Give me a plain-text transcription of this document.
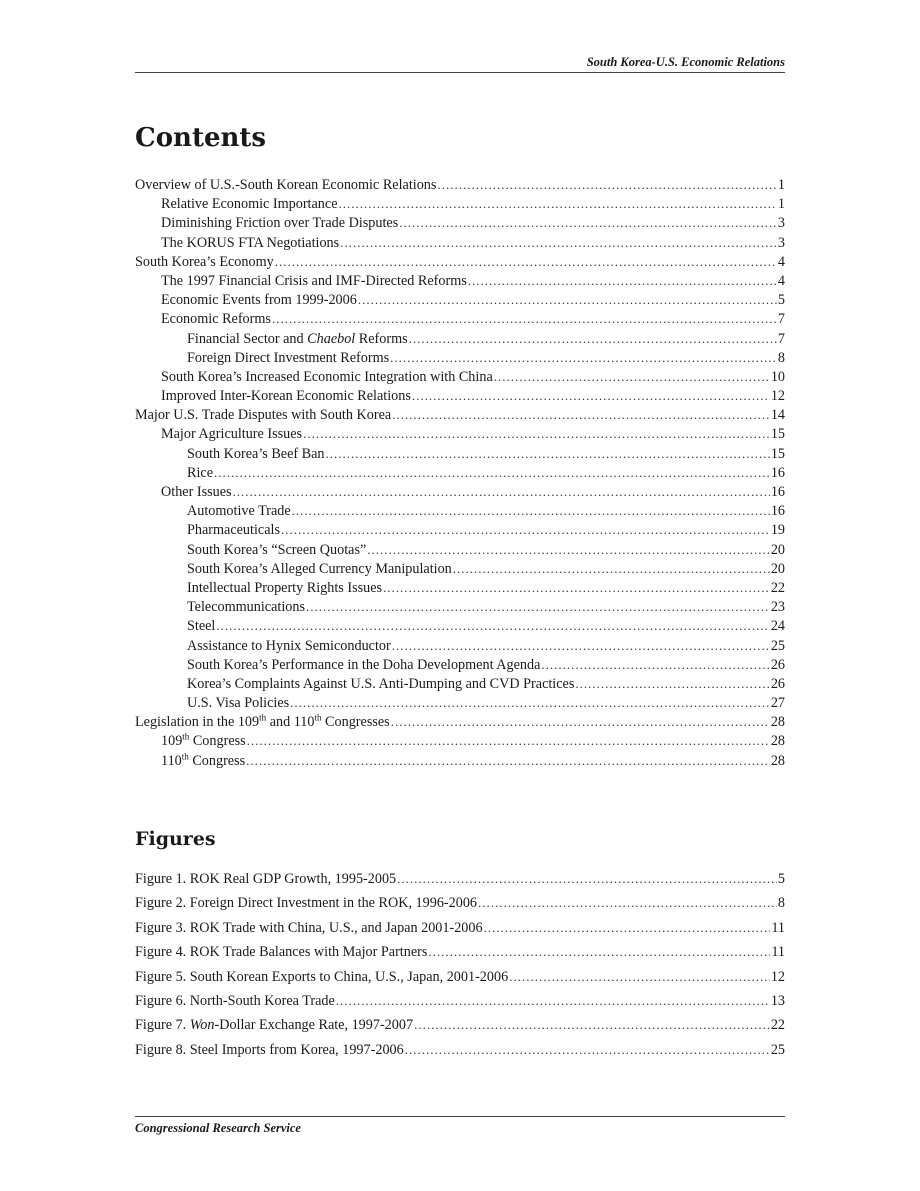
South Korea-U.S. Economic Relations
Contents
Overview of U.S.-South Korean Economic Relations .....	1
Relative Economic Importance .....	1
Diminishing Friction over Trade Disputes .....	3
The KORUS FTA Negotiations .....	3
South Korea’s Economy .....	4
The 1997 Financial Crisis and IMF-Directed Reforms .....	4
Economic Events from 1999-2006 .....	5
Economic Reforms .....	7
Financial Sector and Chaebol Reforms .....	7
Foreign Direct Investment Reforms .....	8
South Korea’s Increased Economic Integration with China .....	10
Improved Inter-Korean Economic Relations .....	12
Major U.S. Trade Disputes with South Korea .....	14
Major Agriculture Issues .....	15
South Korea’s Beef Ban .....	15
Rice .....	16
Other Issues .....	16
Automotive Trade .....	16
Pharmaceuticals .....	19
South Korea’s “Screen Quotas” .....	20
South Korea’s Alleged Currency Manipulation .....	20
Intellectual Property Rights Issues .....	22
Telecommunications .....	23
Steel .....	24
Assistance to Hynix Semiconductor .....	25
South Korea’s Performance in the Doha Development Agenda .....	26
Korea’s Complaints Against U.S. Anti-Dumping and CVD Practices .....	26
U.S. Visa Policies .....	27
Legislation in the 109th and 110th Congresses .....	28
109th Congress .....	28
110th Congress .....	28
Figures
Figure 1. ROK Real GDP Growth, 1995-2005 .....	5
Figure 2. Foreign Direct Investment in the ROK, 1996-2006 .....	8
Figure 3. ROK Trade with China, U.S., and Japan 2001-2006 .....	11
Figure 4. ROK Trade Balances with Major Partners .....	11
Figure 5. South Korean Exports to China, U.S., Japan, 2001-2006 .....	12
Figure 6. North-South Korea Trade .....	13
Figure 7. Won-Dollar Exchange Rate, 1997-2007 .....	22
Figure 8. Steel Imports from Korea, 1997-2006 .....	25
Congressional Research Service
